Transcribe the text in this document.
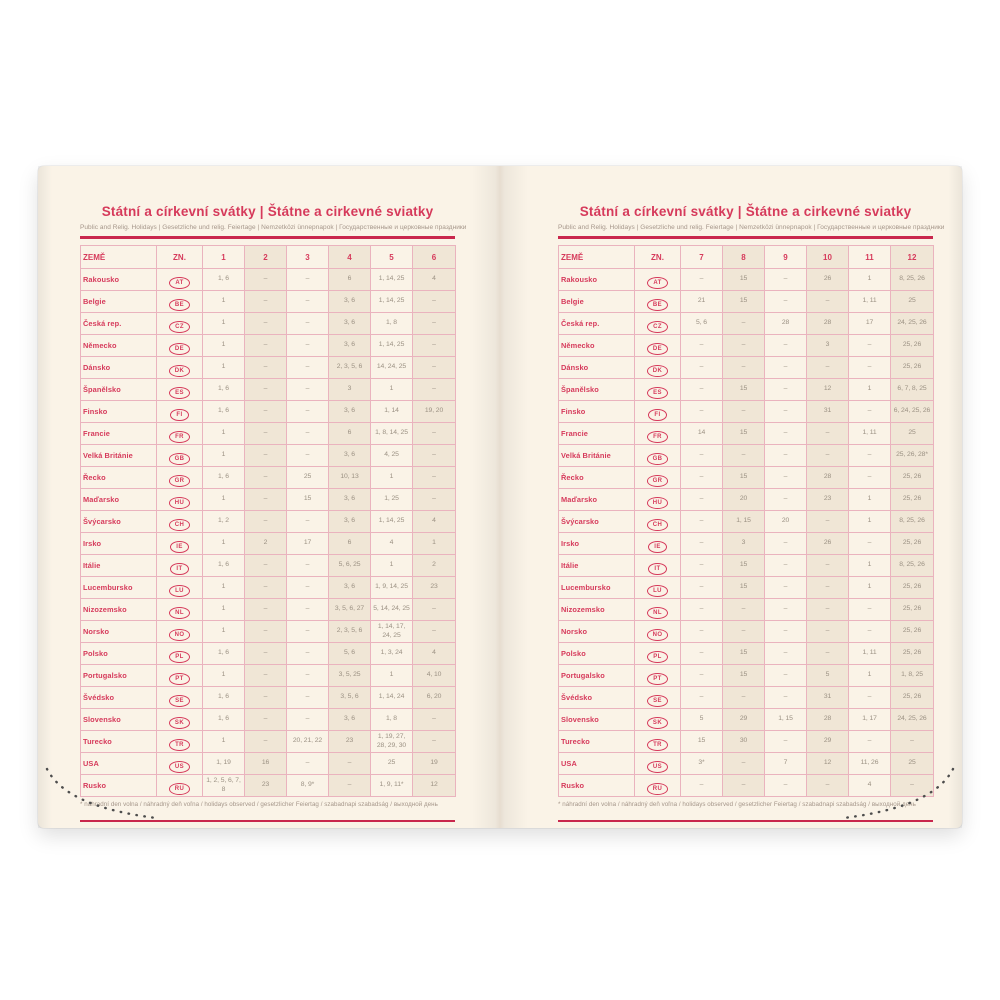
Státní a církevní svátky | Štátne a cirkevné sviatky
Public and Relig. Holidays | Gesetzliche und relig. Feiertage | Nemzetközi ünnepnapok | Государственные и церковные праздники
ZEMĚ	ZN.	1	2	3	4	5	6
Rakousko	AT	1, 6	–	–	6	1, 14, 25	4
Belgie	BE	1	–	–	3, 6	1, 14, 25	–
Česká rep.	CZ	1	–	–	3, 6	1, 8	–
Německo	DE	1	–	–	3, 6	1, 14, 25	–
Dánsko	DK	1	–	–	2, 3, 5, 6	14, 24, 25	–
Španělsko	ES	1, 6	–	–	3	1	–
Finsko	FI	1, 6	–	–	3, 6	1, 14	19, 20
Francie	FR	1	–	–	6	1, 8, 14, 25	–
Velká Británie	GB	1	–	–	3, 6	4, 25	–
Řecko	GR	1, 6	–	25	10, 13	1	–
Maďarsko	HU	1	–	15	3, 6	1, 25	–
Švýcarsko	CH	1, 2	–	–	3, 6	1, 14, 25	4
Irsko	IE	1	2	17	6	4	1
Itálie	IT	1, 6	–	–	5, 6, 25	1	2
Lucembursko	LU	1	–	–	3, 6	1, 9, 14, 25	23
Nizozemsko	NL	1	–	–	3, 5, 6, 27	5, 14, 24, 25	–
Norsko	NO	1	–	–	2, 3, 5, 6	1, 14, 17, 24, 25	–
Polsko	PL	1, 6	–	–	5, 6	1, 3, 24	4
Portugalsko	PT	1	–	–	3, 5, 25	1	4, 10
Švédsko	SE	1, 6	–	–	3, 5, 6	1, 14, 24	6, 20
Slovensko	SK	1, 6	–	–	3, 6	1, 8	–
Turecko	TR	1	–	20, 21, 22	23	1, 19, 27, 28, 29, 30	–
USA	US	1, 19	16	–	–	25	19
Rusko	RU	1, 2, 5, 6, 7, 8	23	8, 9*	–	1, 9, 11*	12
* náhradní den volna / náhradný deň voľna / holidays observed / gesetzlicher Feiertag / szabadnapi szabadság / выходной день
Státní a církevní svátky | Štátne a cirkevné sviatky
Public and Relig. Holidays | Gesetzliche und relig. Feiertage | Nemzetközi ünnepnapok | Государственные и церковные праздники
ZEMĚ	ZN.	7	8	9	10	11	12
Rakousko	AT	–	15	–	26	1	8, 25, 26
Belgie	BE	21	15	–	–	1, 11	25
Česká rep.	CZ	5, 6	–	28	28	17	24, 25, 26
Německo	DE	–	–	–	3	–	25, 26
Dánsko	DK	–	–	–	–	–	25, 26
Španělsko	ES	–	15	–	12	1	6, 7, 8, 25
Finsko	FI	–	–	–	31	–	6, 24, 25, 26
Francie	FR	14	15	–	–	1, 11	25
Velká Británie	GB	–	–	–	–	–	25, 26, 28*
Řecko	GR	–	15	–	28	–	25, 26
Maďarsko	HU	–	20	–	23	1	25, 26
Švýcarsko	CH	–	1, 15	20	–	1	8, 25, 26
Irsko	IE	–	3	–	26	–	25, 26
Itálie	IT	–	15	–	–	1	8, 25, 26
Lucembursko	LU	–	15	–	–	1	25, 26
Nizozemsko	NL	–	–	–	–	–	25, 26
Norsko	NO	–	–	–	–	–	25, 26
Polsko	PL	–	15	–	–	1, 11	25, 26
Portugalsko	PT	–	15	–	5	1	1, 8, 25
Švédsko	SE	–	–	–	31	–	25, 26
Slovensko	SK	5	29	1, 15	28	1, 17	24, 25, 26
Turecko	TR	15	30	–	29	–	–
USA	US	3*	–	7	12	11, 26	25
Rusko	RU	–	–	–	–	4	–
* náhradní den volna / náhradný deň voľna / holidays observed / gesetzlicher Feiertag / szabadnapi szabadság / выходной день
